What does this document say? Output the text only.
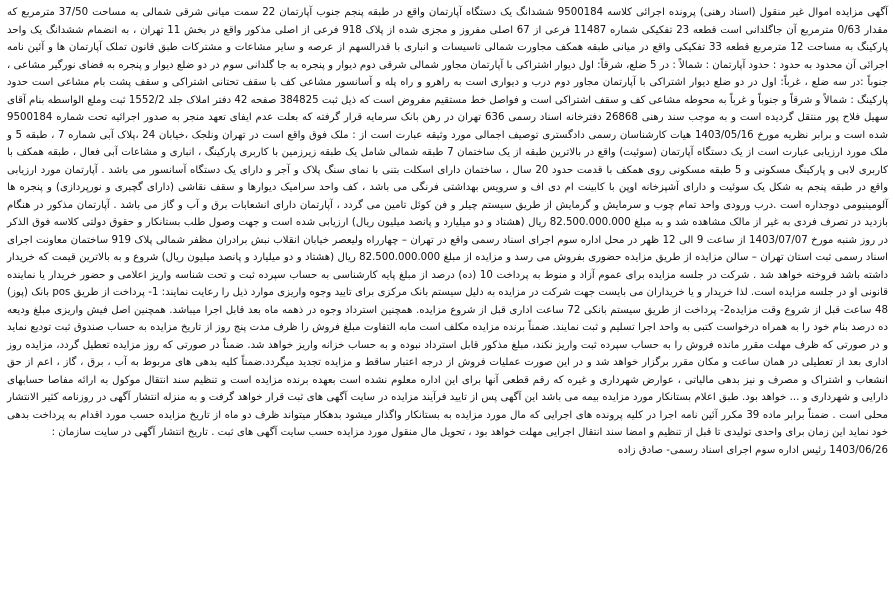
آگهی مزایده اموال غیر منقول (اسناد رهنی) پرونده اجرائی کلاسه 9500184 ششدانگ یک دستگاه آپارتمان واقع در طبقه پنجم جنوب آپارتمان 22 سمت میانی شرقی شمالی به مساحت 37/50 مترمربع که مقدار 0/63 مترمربع آن جاگلدانی است قطعه 23 تفکیکی شماره 11487 فرعی از 67 اصلی مفروز و مجزی شده از پلاک 918 فرعی از اصلی مذکور واقع در بخش 11 تهران ، به انضمام ششدانگ یک واحد پارکینگ به مساحت 12 مترمربع قطعه 33 تفکیکی واقع در میانی طبقه همکف مجاورت شمالی تاسیسات و انباری با قدرالسهم از عرصه و سایر مشاعات و مشترکات طبق قانون تملک آپارتمان ها و آئین نامه اجرائی آن محدود به حدود : حدود آپارتمان : شمالاً : در 5 ضلع، شرقاً: اول دیوار اشتراکی با آپارتمان مجاور شمالی شرقی دوم دیوار و پنجره به جا گلدانی سوم در دو ضلع دیوار و پنجره به فضای نورگیر مشاعی ، جنوباً :در سه ضلع ، غرباً: اول در دو ضلع دیوار اشتراکی با آپارتمان مجاور دوم درب و دیواری است به راهرو و راه پله و آسانسور مشاعی کف با سقف تحتانی اشتراکی و سقف پشت بام مشاعی است حدود پارکینگ : شمالاً و شرقاً و جنوباً و غرباً به محوطه مشاعی کف و سقف اشتراکی است و فواصل خط مستقیم مفروض است که ذیل ثبت 384825 صفحه 42 دفتر املاک جلد 1552/2 ثبت وملع الواسطه بنام آقای سهیل فلاح پور منتقل گردیده است و به موجب سند رهنی 26868 دفترخانه اسناد رسمی 636 تهران در رهن بانک سرمایه قرار گرفته که بعلت عدم ایفای تعهد منجر به صدور اجرائیه تحت شماره 9500184 شده است و برابر نظریه مورخ 1403/05/16 هیات کارشناسان رسمی دادگستری توصیف اجمالی مورد وثیقه عبارت است از : ملک فوق واقع است در تهران ونلجک ،خیابان 24 ،پلاک آبی شماره 7 ، طبقه 5 و ملک مورد ارزیابی عبارت است از یک دستگاه آپارتمان (سوئیت) واقع در بالاترین طبقه از یک ساختمان 7 طبقه شمالی شامل یک طبقه زیرزمین با کاربری پارکینگ ، انباری و مشاعات آبی فعال ، طبقه همکف با کاربری لابی و پارکینگ مسکونی و 5 طبقه مسکونی روی همکف با قدمت حدود 20 سال ، ساختمان دارای اسکلت بتنی با نمای سنگ پلاک و آجر و دارای یک دستگاه آسانسور می باشد . آپارتمان مورد ارزیابی واقع در طبقه پنجم به شکل یک سوئیت و دارای آشپزخانه اوپن با کابینت ام دی اف و سرویس بهداشتی فرنگی می باشد ، کف واحد سرامیک دیوارها و سقف نقاشی (دارای گچبری و نورپردازی) و پنجره ها آلومینیومی دوجداره است .درب ورودی واحد تمام چوب و سرمایش و گرمایش از طریق سیستم چیلر و فن کوئل تامین می گردد ، آپارتمان دارای انشعابات برق و آب و گاز می باشد . آپارتمان مذکور در هنگام بازدید در تصرف فردی به غیر از مالک مشاهده شد و به مبلغ 82.500.000.000 ریال (هشتاد و دو میلیارد و پانصد میلیون ریال) ارزیابی شده است و جهت وصول طلب بستانکار و حقوق دولتی کلاسه فوق الذکر در روز شنبه مورخ 1403/07/07 از ساعت 9 الی 12 ظهر در محل اداره سوم اجرای اسناد رسمی واقع در تهران – چهارراه ولیعصر خیابان انقلاب نبش برادران مظفر شمالی پلاک 919 ساختمان معاونت اجرای اسناد رسمی ثبت استان تهران – سالن مزایده از طریق مزایده حضوری بفروش می رسد و مزایده از مبلغ 82.500.000.000 ریال (هشتاد و دو میلیارد و پانصد میلیون ریال) شروع و به بالاترین قیمت که خریدار داشته باشد فروخته خواهد شد . شرکت در جلسه مزایده برای عموم آزاد و منوط به پرداخت 10 (ده) درصد از مبلغ پایه کارشناسی به حساب سپرده ثبت و تحت شناسه واریز اعلامی و حضور خریدار یا نماینده قانونی او در جلسه مزایده است. لذا خریدار و یا خریداران می بایست جهت شرکت در مزایده به دلیل سیستم بانک مرکزی برای تایید وجوه واریزی موارد ذیل را رعایت نمایند: 1- پرداخت از طریق pos بانک (پوز) 48 ساعت قبل از شروع وقت مزایده2- پرداخت از طریق سیستم بانکی 72 ساعت اداری قبل از شروع مزایده. همچنین استرداد وجوه در ذهمه ماه بعد قابل اجرا میباشد. همچنین اصل فیش واریزی مبلغ ودیعه ده درصد بنام خود را به همراه درخواست کتبی به واحد اجرا تسلیم و ثبت نمایند. ضمناً برنده مزایده مکلف است مابه التفاوت مبلغ فروش را ظرف مدت پنج روز از تاریخ مزایده به حساب صندوق ثبت تودیع نماید و در صورتی که ظرف مهلت مقرر مانده فروش را به حساب سپرده ثبت واریز نکند، مبلغ مذکور قابل استرداد نبوده و به حساب خزانه واریز خواهد شد. ضمناً در صورتی که روز مزایده تعطیل گردد، مزایده روز اداری بعد از تعطیلی در همان ساعت و مکان مقرر برگزار خواهد شد و در این صورت عملیات فروش از درجه اعتبار ساقط و مزایده تجدید میگردد.ضمناً کلیه بدهی های مربوط به آب ، برق ، گاز ، اعم از حق انشعاب و اشتراک و مصرف و نیز بدهی مالیاتی ، عوارض شهرداری و غیره که رقم قطعی آنها برای این اداره معلوم نشده است بعهده برنده مزایده است و تنظیم سند انتقال موکول به ارائه مفاصا حسابهای دارایی و شهرداری و ... خواهد بود. طبق اعلام بستانکار مورد مزایده بیمه می باشد این آگهی پس از تایید فرآیند مزایده در سایت آگهی های ثبت قرار خواهد گرفت و به منزله انتشار آگهی در روزنامه کثیر الانتشار محلی است . ضمناً برابر ماده 39 مکرر آئین نامه اجرا در کلیه پرونده های اجرایی که مال مورد مزایده به بستانکار واگذار میشود بدهکار میتواند ظرف دو ماه از تاریخ مزایده حسب مورد اقدام به پرداخت بدهی خود نماید این زمان برای واحدی تولیدی تا قبل از تنظیم و امضا سند انتقال اجرایی مهلت خواهد بود ، تحویل مال منقول مورد مزایده حسب سایت آگهی های ثبت . تاریخ انتشار آگهی در سایت سازمان :

1403/06/26 رئیس اداره سوم اجرای اسناد رسمی- صادق زاده
